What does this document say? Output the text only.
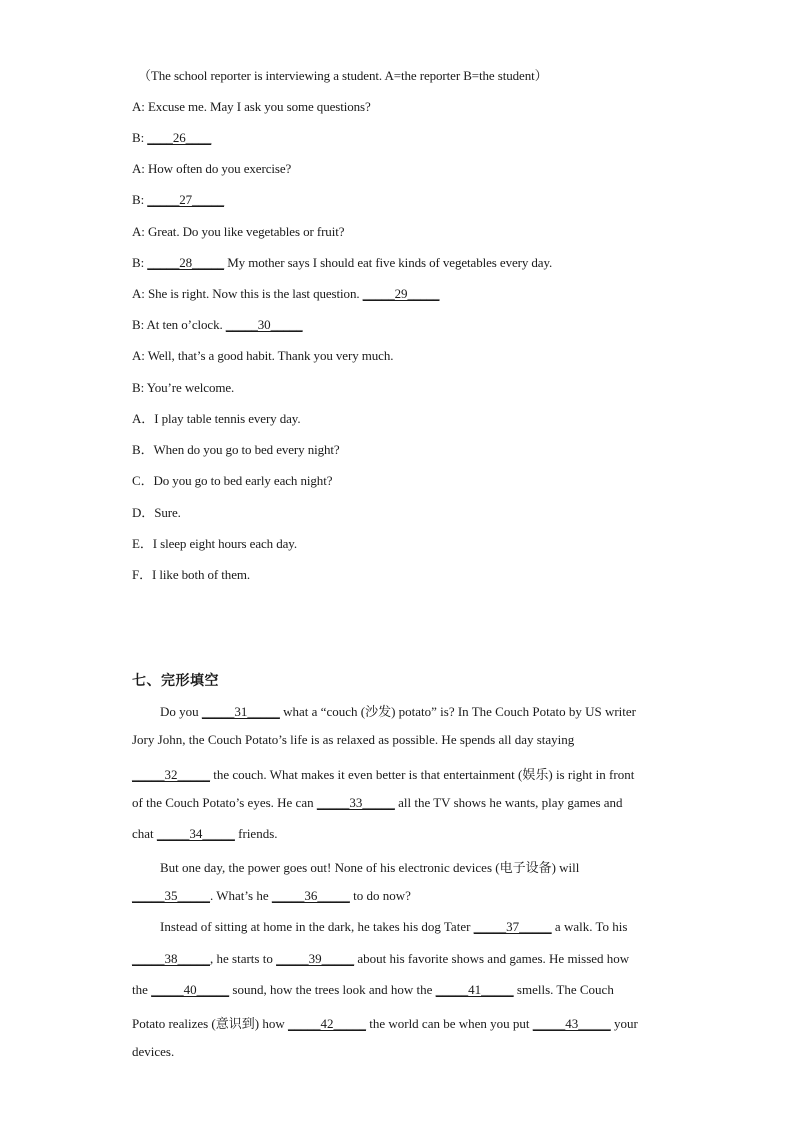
（The school reporter is interviewing a student. A=the reporter B=the student）
A: Excuse me. May I ask you some questions?
B: ____26____
A: How often do you exercise?
B: _____27_____
A: Great. Do you like vegetables or fruit?
B: _____28_____ My mother says I should eat five kinds of vegetables every day.
A: She is right. Now this is the last question. _____29_____
B: At ten o’clock. _____30_____
A: Well, that’s a good habit. Thank you very much.
B: You’re welcome.
A．I play table tennis every day.
B．When do you go to bed every night?
C．Do you go to bed early each night?
D．Sure.
E．I sleep eight hours each day.
F．I like both of them.
七、完形填空
Do you _____31_____ what a “couch (沙发) potato” is? In The Couch Potato by US writer
Jory John, the Couch Potato’s life is as relaxed as possible. He spends all day staying
_____32_____ the couch. What makes it even better is that entertainment (娱乐) is right in front
of the Couch Potato’s eyes. He can _____33_____ all the TV shows he wants, play games and
chat _____34_____ friends.
But one day, the power goes out! None of his electronic devices (电子设备) will
_____35_____. What’s he _____36_____ to do now?
Instead of sitting at home in the dark, he takes his dog Tater _____37_____ a walk. To his
_____38_____, he starts to _____39_____ about his favorite shows and games. He missed how
the _____40_____ sound, how the trees look and how the _____41_____ smells. The Couch
Potato realizes (意识到) how _____42_____ the world can be when you put _____43_____ your
devices.
